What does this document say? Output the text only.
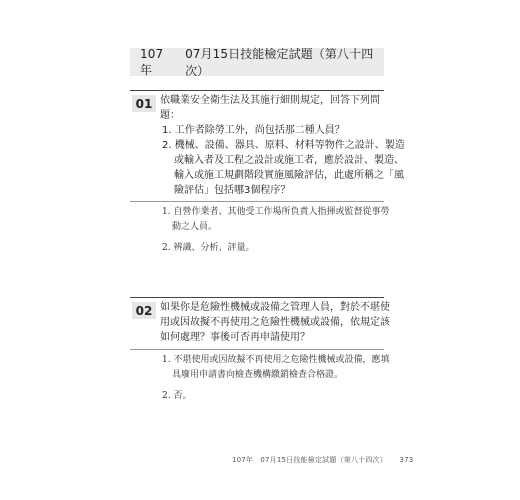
107年
07月15日技能檢定試題（第八十四次）
01 依職業安全衛生法及其施行細則規定，回答下列問
題：
1. 工作者除勞工外，尚包括那二種人員？
2. 機械、設備、器具、原料、材料等物件之設計、製造
或輸入者及工程之設計或施工者，應於設計、製造、
輸入或施工規劃階段實施風險評估，此處所稱之「風
險評估」包括哪3個程序？
1. 自營作業者、其他受工作場所負責人指揮或監督從事勞
動之人員。
2. 辨識、分析、評量。
02 如果你是危險性機械或設備之管理人員，對於不堪使
用或因故擬不再使用之危險性機械或設備，依規定該
如何處理？事後可否再申請使用？
1. 不堪使用或因故擬不再使用之危險性機械或設備，應填
具廢用申請書向檢查機構繳銷檢查合格證。
2. 否。
107年　07月15日技能檢定試題（第八十四次） 373
